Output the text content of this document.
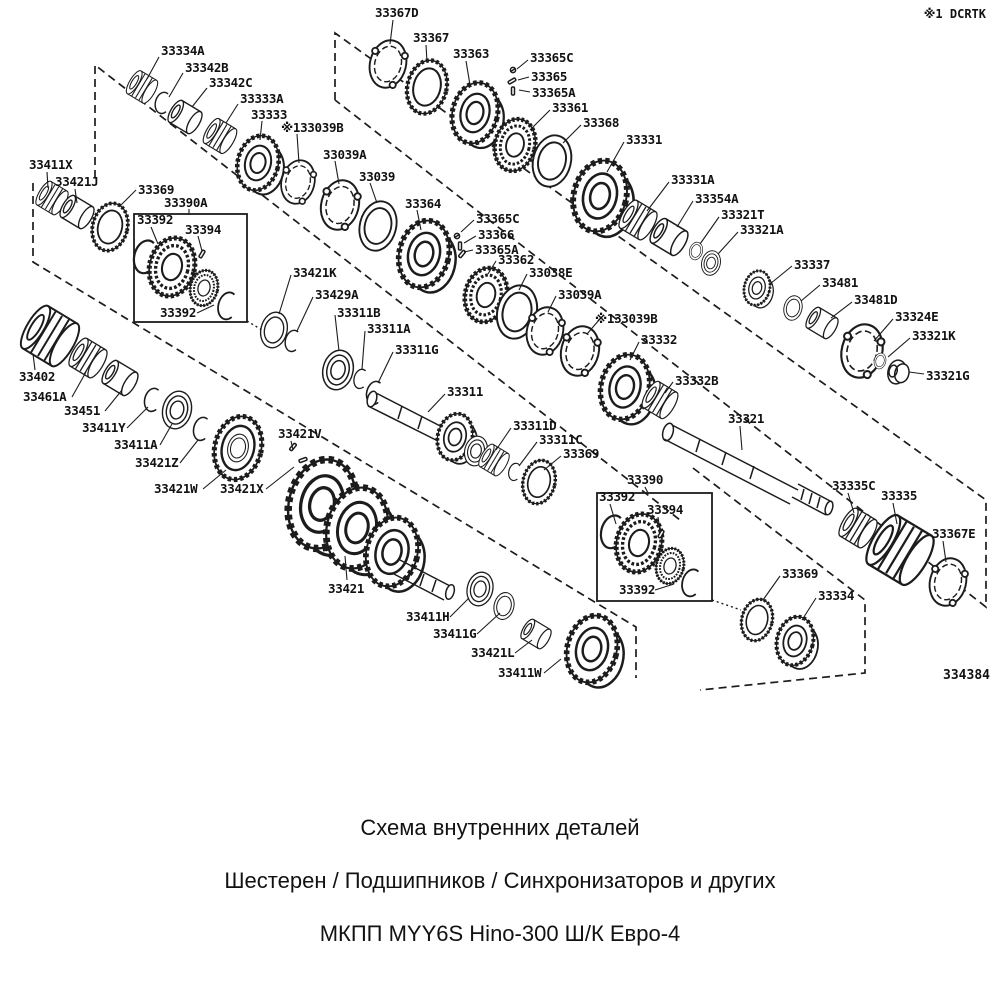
33367D
33334A
33342B
33342C
33333A
33333
※133039B
33039A
33039
33367
33363	33365C
33365
33365A
33361
33368
33331
33331A
33354A
33321T
33321A
33337
33481
33481D
33324E
33321K
33321G
33411X
33421J
33369
33390A
33392
33394
33392
33364
33365C
33366
33365A
33362
33038E
33039A
※133039B
33332
33332B
33321
33421K
33429A
33311B
33311A
33311G
33311
33311D
33311C
33369
33390
33392
33394
33392
33335C
33335
33367E
33369
33334
33402
33461A
33451
33411Y
33411A
33421Z
33421W 33421X
33421V
33421
33411H
33411G
33421L
33411W
※1 DCRTK
334384
Схема внутренних деталей
Шестерен / Подшипников / Синхронизаторов и других
МКПП MYY6S Hino-300 Ш/К Евро-4
